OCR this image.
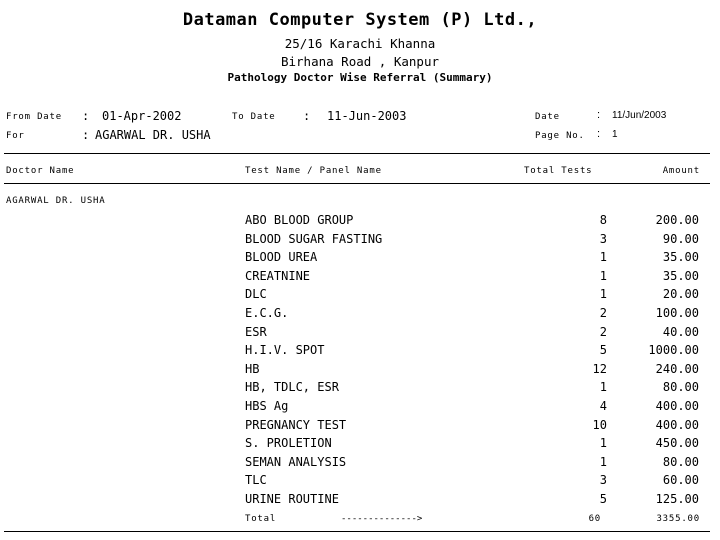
Dataman Computer System (P) Ltd.,
25/16 Karachi Khanna
Birhana Road , Kanpur
Pathology Doctor Wise Referral (Summary)
From Date : 01-Apr-2002	To Date : 11-Jun-2003	Date	: 11/Jun/2003
For	: AGARWAL DR. USHA	Page No. : 1
Doctor Name	Test Name / Panel Name	Total Tests	Amount
AGARWAL DR. USHA
ABO BLOOD GROUP	8	200.00
BLOOD SUGAR FASTING	3	90.00
BLOOD UREA	1	35.00
CREATNINE	1	35.00
DLC	1	20.00
E.C.G.	2	100.00
ESR	2	40.00
H.I.V. SPOT	5	1000.00
HB	12	240.00
HB, TDLC, ESR	1	80.00
HBS Ag	4	400.00
PREGNANCY TEST	10	400.00
S. PROLETION	1	450.00
SEMAN ANALYSIS	1	80.00
TLC	3	60.00
URINE ROUTINE	5	125.00
Total	-------------->	60	3355.00
